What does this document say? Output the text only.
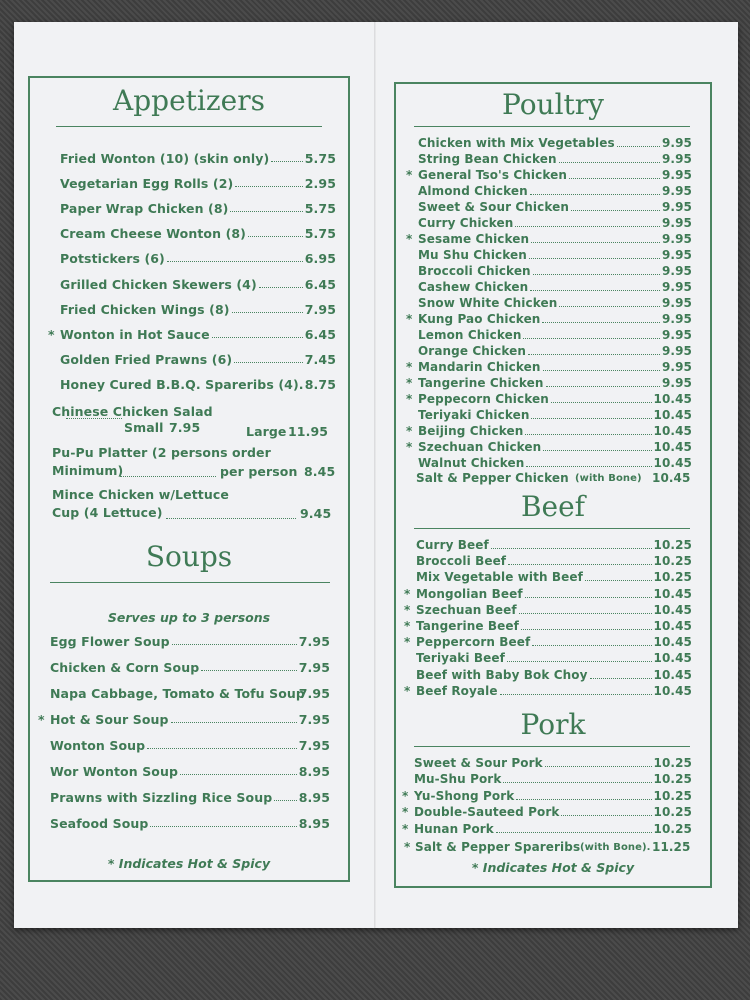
Appetizers
Fried Wonton (10) (skin only)	5.75
Vegetarian Egg Rolls (2)	2.95
Paper Wrap Chicken (8)	5.75
Cream Cheese Wonton (8)	5.75
Potstickers (6)	6.95
Grilled Chicken Skewers (4)	6.45
Fried Chicken Wings (8)	7.95
* Wonton in Hot Sauce	6.45
Golden Fried Prawns (6)	7.45
Honey Cured B.B.Q. Spareribs (4). 8.75
Chinese Chicken Salad
Small 7.95	Large 11.95
Pu-Pu Platter (2 persons order
Minimum)	per person 8.45
Mince Chicken w/Lettuce
Cup (4 Lettuce)	9.45
Soups
Serves up to 3 persons
Egg Flower Soup	7.95
Chicken & Corn Soup	7.95
Napa Cabbage, Tomato & Tofu Soup
7.95
* Hot & Sour Soup	7.95
Wonton Soup	7.95
Wor Wonton Soup	8.95
Prawns with Sizzling Rice Soup 8.95
Seafood Soup	8.95
* Indicates Hot & Spicy
Poultry
Chicken with Mix Vegetables	9.95
String Bean Chicken	9.95
* General Tso's Chicken	9.95
Almond Chicken	9.95
Sweet & Sour Chicken	9.95
Curry Chicken	9.95
* Sesame Chicken	9.95
Mu Shu Chicken	9.95
Broccoli Chicken	9.95
Cashew Chicken	9.95
Snow White Chicken	9.95
* Kung Pao Chicken	9.95
Lemon Chicken	9.95
Orange Chicken	9.95
* Mandarin Chicken	9.95
* Tangerine Chicken	9.95
* Peppecorn Chicken	10.45
Teriyaki Chicken	10.45
* Beijing Chicken	10.45
* Szechuan Chicken	10.45
Walnut Chicken	10.45
Salt & Pepper Chicken (with Bone) 10.45
Beef
Curry Beef	10.25
Broccoli Beef	10.25
Mix Vegetable with Beef	10.25
* Mongolian Beef	10.45
* Szechuan Beef	10.45
* Tangerine Beef	10.45
* Peppercorn Beef	10.45
Teriyaki Beef	10.45
Beef with Baby Bok Choy	10.45
* Beef Royale	10.45
Pork
Sweet & Sour Pork	10.25
Mu-Shu Pork	10.25
* Yu-Shong Pork	10.25
* Double-Sauteed Pork	10.25
* Hunan Pork	10.25
* Salt & Pepper Spareribs (with Bone). 11.25
* Indicates Hot & Spicy
